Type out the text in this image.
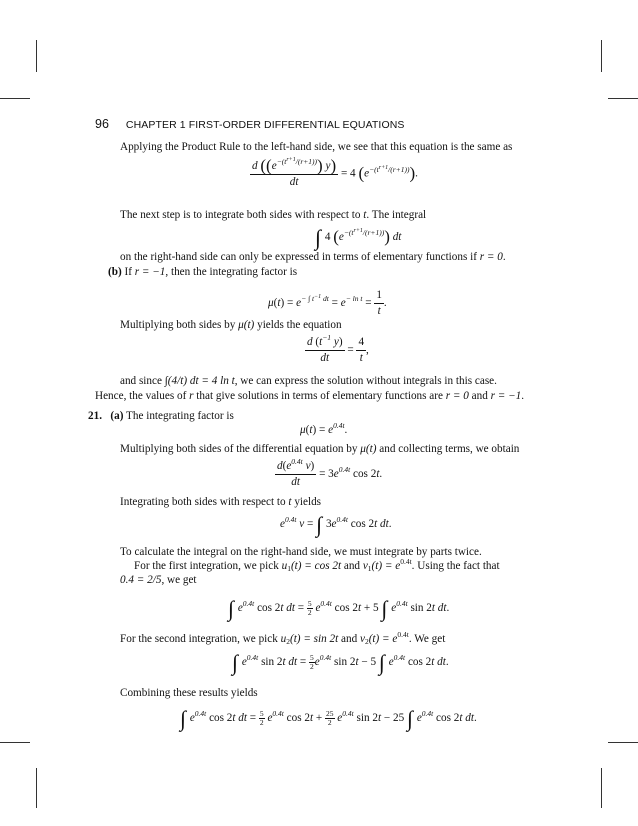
96 CHAPTER 1 FIRST-ORDER DIFFERENTIAL EQUATIONS
Applying the Product Rule to the left-hand side, we see that this equation is the same as
$\frac{d ((e^{-(t^{r+1}/(r+1))}) y)}{dt} = 4$ $(e^{-(t^{r+1}/(r+1))})$.
The next step is to integrate both sides with respect to t. The integral
∫ 4 $(e^{-(t^{r+1}/(r+1))})$ dt
on the right-hand side can only be expressed in terms of elementary functions if r = 0.
(b) If r = −1, then the integrating factor is
$\mu(t) = e^{- \int t^{-1} dt} = e^{- ln t} = \frac{1}{t}$ .
Multiplying both sides by μ(t) yields the equation
$\frac{d (t^{-1} y)}{dt} = \frac{4}{t}$ ,
and since ∫(4/t) dt = 4 ln t, we can express the solution without integrals in this case.
Hence, the values of r that give solutions in terms of elementary functions are r = 0 and r = −1.
21. (a) The integrating factor is
$\mu(t) = e^{0.4t}$.
Multiplying both sides of the differential equation by μ(t) and collecting terms, we obtain
$\frac{d(e^{0.4t} v)}{dt} = 3e^{0.4t}$ cos 2t.
Integrating both sides with respect to t yields
$e^{0.4t}$ v = ∫ $3e^{0.4t}$ cos 2t dt.
To calculate the integral on the right-hand side, we must integrate by parts twice.
For the first integration, we pick $u_1(t) = \cos 2t$ and $v_1(t) = e^{0.4t}$. Using the fact that
0.4 = 2/5, we get
∫ $e^{0.4t}$ cos 2t dt = $\frac{5}{2} e^{0.4t}$ cos 2t + 5 ∫ $e^{0.4t}$ sin 2t dt.
For the second integration, we pick $u_2(t) = \sin 2t$ and $v_2(t) = e^{0.4t}$. We get
∫ $e^{0.4t}$ sin 2t dt = $\frac{5}{2} e^{0.4t}$ sin 2t − 5 ∫ $e^{0.4t}$ cos 2t dt.
Combining these results yields
∫ $e^{0.4t}$ cos 2t dt = $\frac{5}{2} e^{0.4t}$ $\cos 2t + \frac{25}{2} e^{0.4t}$ sin 2t − 25 ∫ $e^{0.4t}$ cos 2t dt.
